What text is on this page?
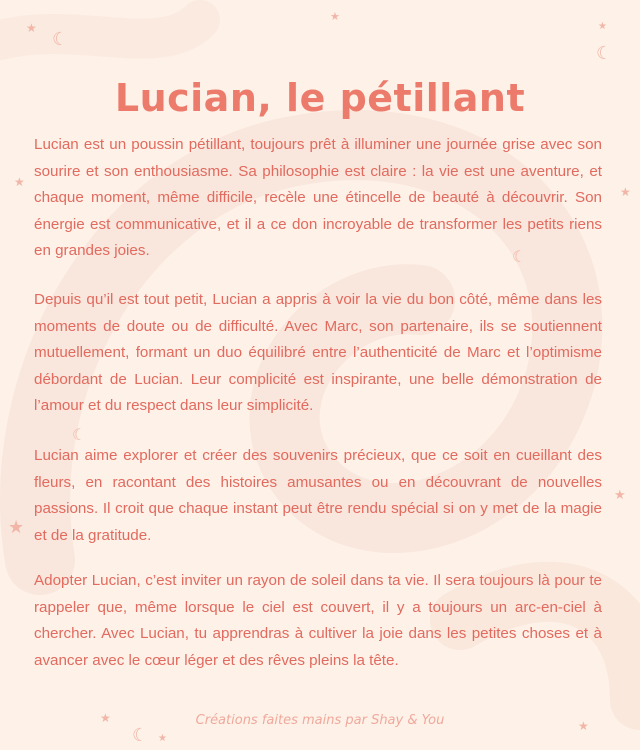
Lucian, le pétillant

Lucian est un poussin pétillant, toujours prêt à illuminer une journée grise avec son sourire et son enthousiasme. Sa philosophie est claire : la vie est une aventure, et chaque moment, même difficile, recèle une étincelle de beauté à découvrir. Son énergie est communicative, et il a ce don incroyable de transformer les petits riens en grandes joies.

Depuis qu’il est tout petit, Lucian a appris à voir la vie du bon côté, même dans les moments de doute ou de difficulté. Avec Marc, son partenaire, ils se soutiennent mutuellement, formant un duo équilibré entre l’authenticité de Marc et l’optimisme débordant de Lucian. Leur complicité est inspirante, une belle démonstration de l’amour et du respect dans leur simplicité.

Lucian aime explorer et créer des souvenirs précieux, que ce soit en cueillant des fleurs, en racontant des histoires amusantes ou en découvrant de nouvelles passions. Il croit que chaque instant peut être rendu spécial si on y met de la magie et de la gratitude.

Adopter Lucian, c’est inviter un rayon de soleil dans ta vie. Il sera toujours là pour te rappeler que, même lorsque le ciel est couvert, il y a toujours un arc-en-ciel à chercher. Avec Lucian, tu apprendras à cultiver la joie dans les petites choses et à avancer avec le cœur léger et des rêves pleins la tête.

Créations faites mains par Shay & You
★
☾
★
★
☾
★
★
☾
☾
★
★
★
☾ ★
★
